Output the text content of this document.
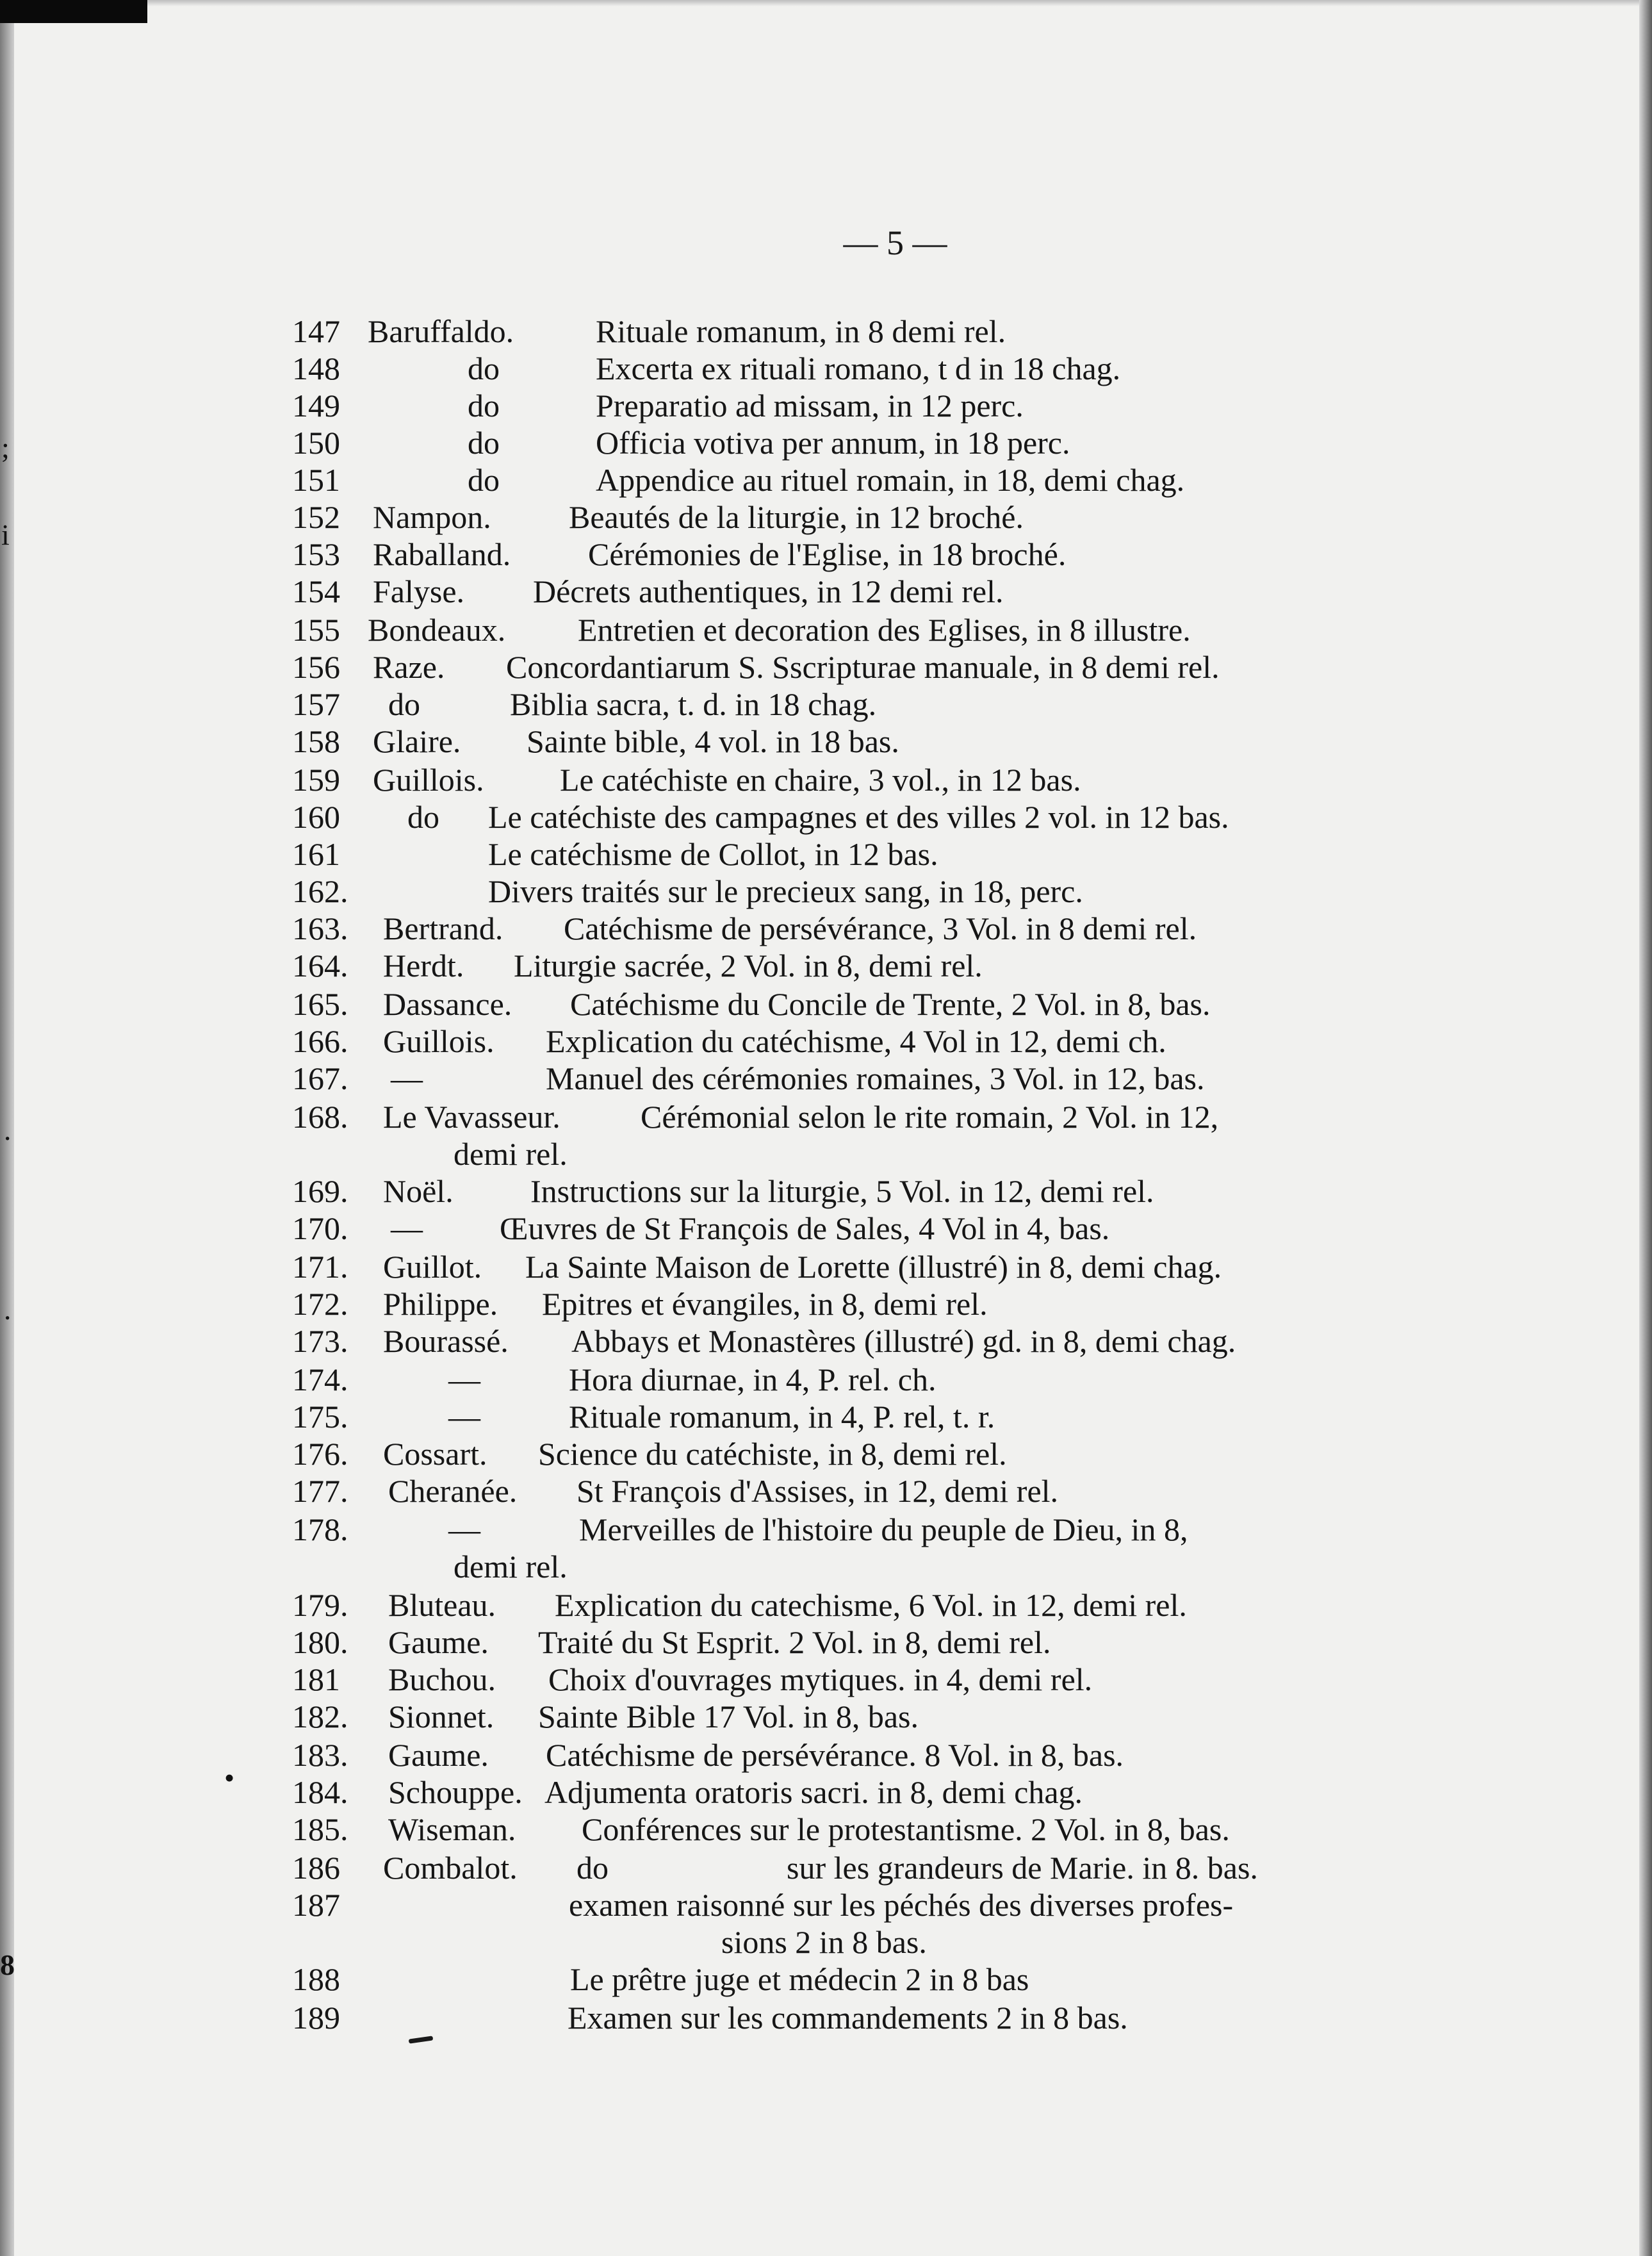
— 5 —
;
i
·
·
8
•
147 Baruffaldo.	Rituale romanum, in 8 demi rel.
148	do	Excerta ex rituali romano, t d in 18 chag.
149	do	Preparatio ad missam, in 12 perc.
150	do	Officia votiva per annum, in 18 perc.
151	do	Appendice au rituel romain, in 18, demi chag.
152 Nampon. Beautés de la liturgie, in 12 broché.
153 Raballand. Cérémonies de l'Eglise, in 18 broché.
154 Falyse. Décrets authentiques, in 12 demi rel.
155 Bondeaux. Entretien et decoration des Eglises, in 8 illustre.
156 Raze. Concordantiarum S. Sscripturae manuale, in 8 demi rel.
157 do	Biblia sacra, t. d. in 18 chag.
158 Glaire. Sainte bible, 4 vol. in 18 bas.
159 Guillois. Le catéchiste en chaire, 3 vol., in 12 bas.
160 do Le catéchiste des campagnes et des villes 2 vol. in 12 bas.
161	Le catéchisme de Collot, in 12 bas.
162.	Divers traités sur le precieux sang, in 18, perc.
163. Bertrand. Catéchisme de persévérance, 3 Vol. in 8 demi rel.
164. Herdt. Liturgie sacrée, 2 Vol. in 8, demi rel.
165. Dassance. Catéchisme du Concile de Trente, 2 Vol. in 8, bas.
166. Guillois. Explication du catéchisme, 4 Vol in 12, demi ch.
167. —	Manuel des cérémonies romaines, 3 Vol. in 12, bas.
168. Le Vavasseur.	Cérémonial selon le rite romain, 2 Vol. in 12,
demi rel.
169. Noël. Instructions sur la liturgie, 5 Vol. in 12, demi rel.
170. — Œuvres de St François de Sales, 4 Vol in 4, bas.
171. Guillot. La Sainte Maison de Lorette (illustré) in 8, demi chag.
172. Philippe. Epitres et évangiles, in 8, demi rel.
173. Bourassé. Abbays et Monastères (illustré) gd. in 8, demi chag.
174.	—	Hora diurnae, in 4, P. rel. ch.
175.	—	Rituale romanum, in 4, P. rel, t. r.
176. Cossart. Science du catéchiste, in 8, demi rel.
177. Cheranée. St François d'Assises, in 12, demi rel.
178.	—	Merveilles de l'histoire du peuple de Dieu, in 8,
demi rel.
179. Bluteau. Explication du catechisme, 6 Vol. in 12, demi rel.
180. Gaume. Traité du St Esprit. 2 Vol. in 8, demi rel.
181 Buchou. Choix d'ouvrages mytiques. in 4, demi rel.
182. Sionnet. Sainte Bible 17 Vol. in 8, bas.
183. Gaume. Catéchisme de persévérance. 8 Vol. in 8, bas.
184. Schouppe. Adjumenta oratoris sacri. in 8, demi chag.
185. Wiseman. Conférences sur le protestantisme. 2 Vol. in 8, bas.
186 Combalot. do	sur les grandeurs de Marie. in 8. bas.
187	examen raisonné sur les péchés des diverses profes-
sions 2 in 8 bas.
188	Le prêtre juge et médecin 2 in 8 bas
189	Examen sur les commandements 2 in 8 bas.
